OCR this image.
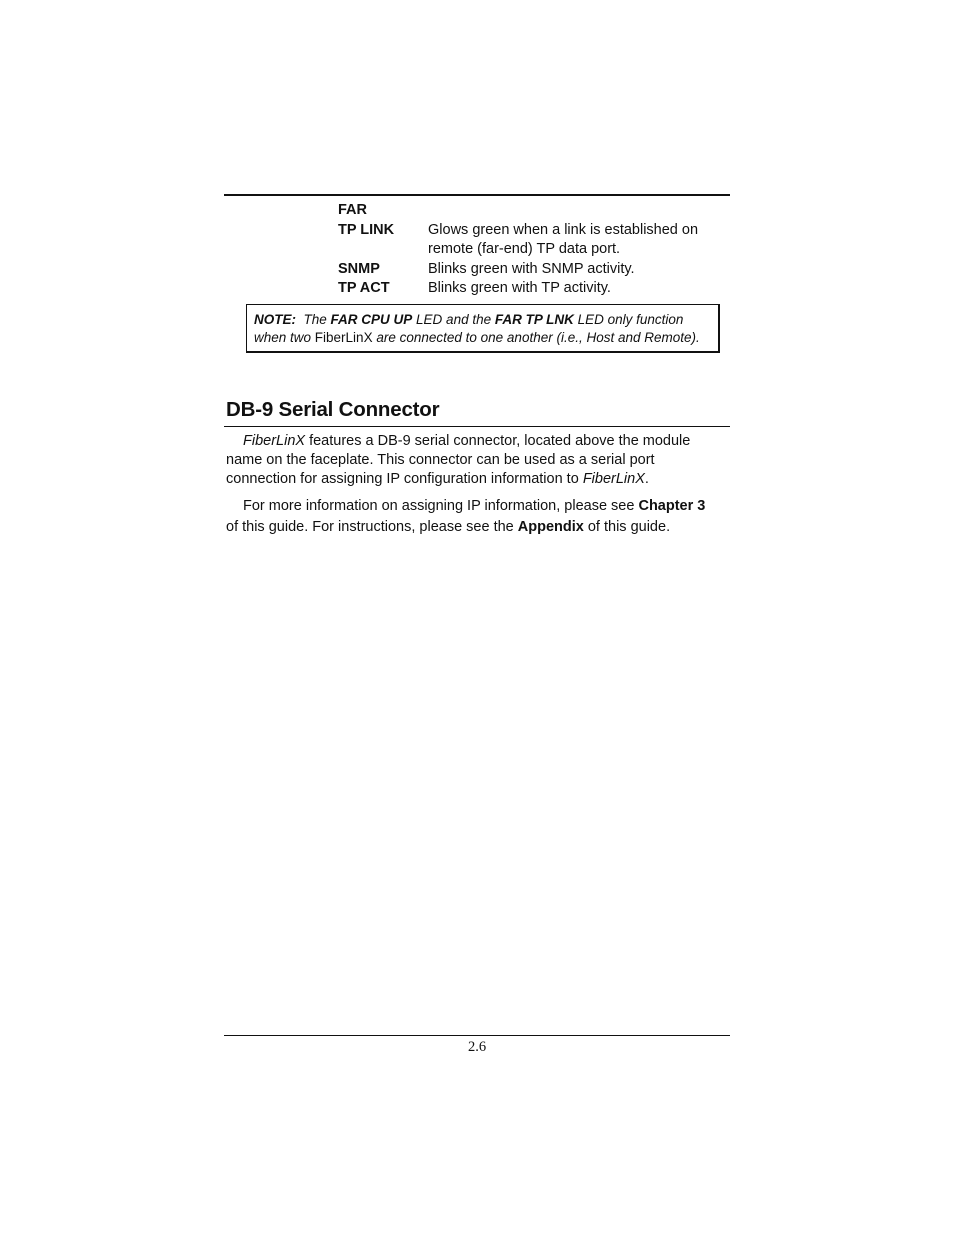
FAR
TP LINK	Glows green when a link is established on remote (far-end) TP data port.
SNMP	Blinks green with SNMP activity.
TP ACT	Blinks green with TP activity.
NOTE: The FAR CPU UP LED and the FAR TP LNK LED only function when two FiberLinX are connected to one another (i.e., Host and Remote).
DB-9 Serial Connector

FiberLinX features a DB-9 serial connector, located above the module name on the faceplate. This connector can be used as a serial port connection for assigning IP configuration information to FiberLinX.

For more information on assigning IP information, please see Chapter 3 of this guide. For instructions, please see the Appendix of this guide.

2.6
